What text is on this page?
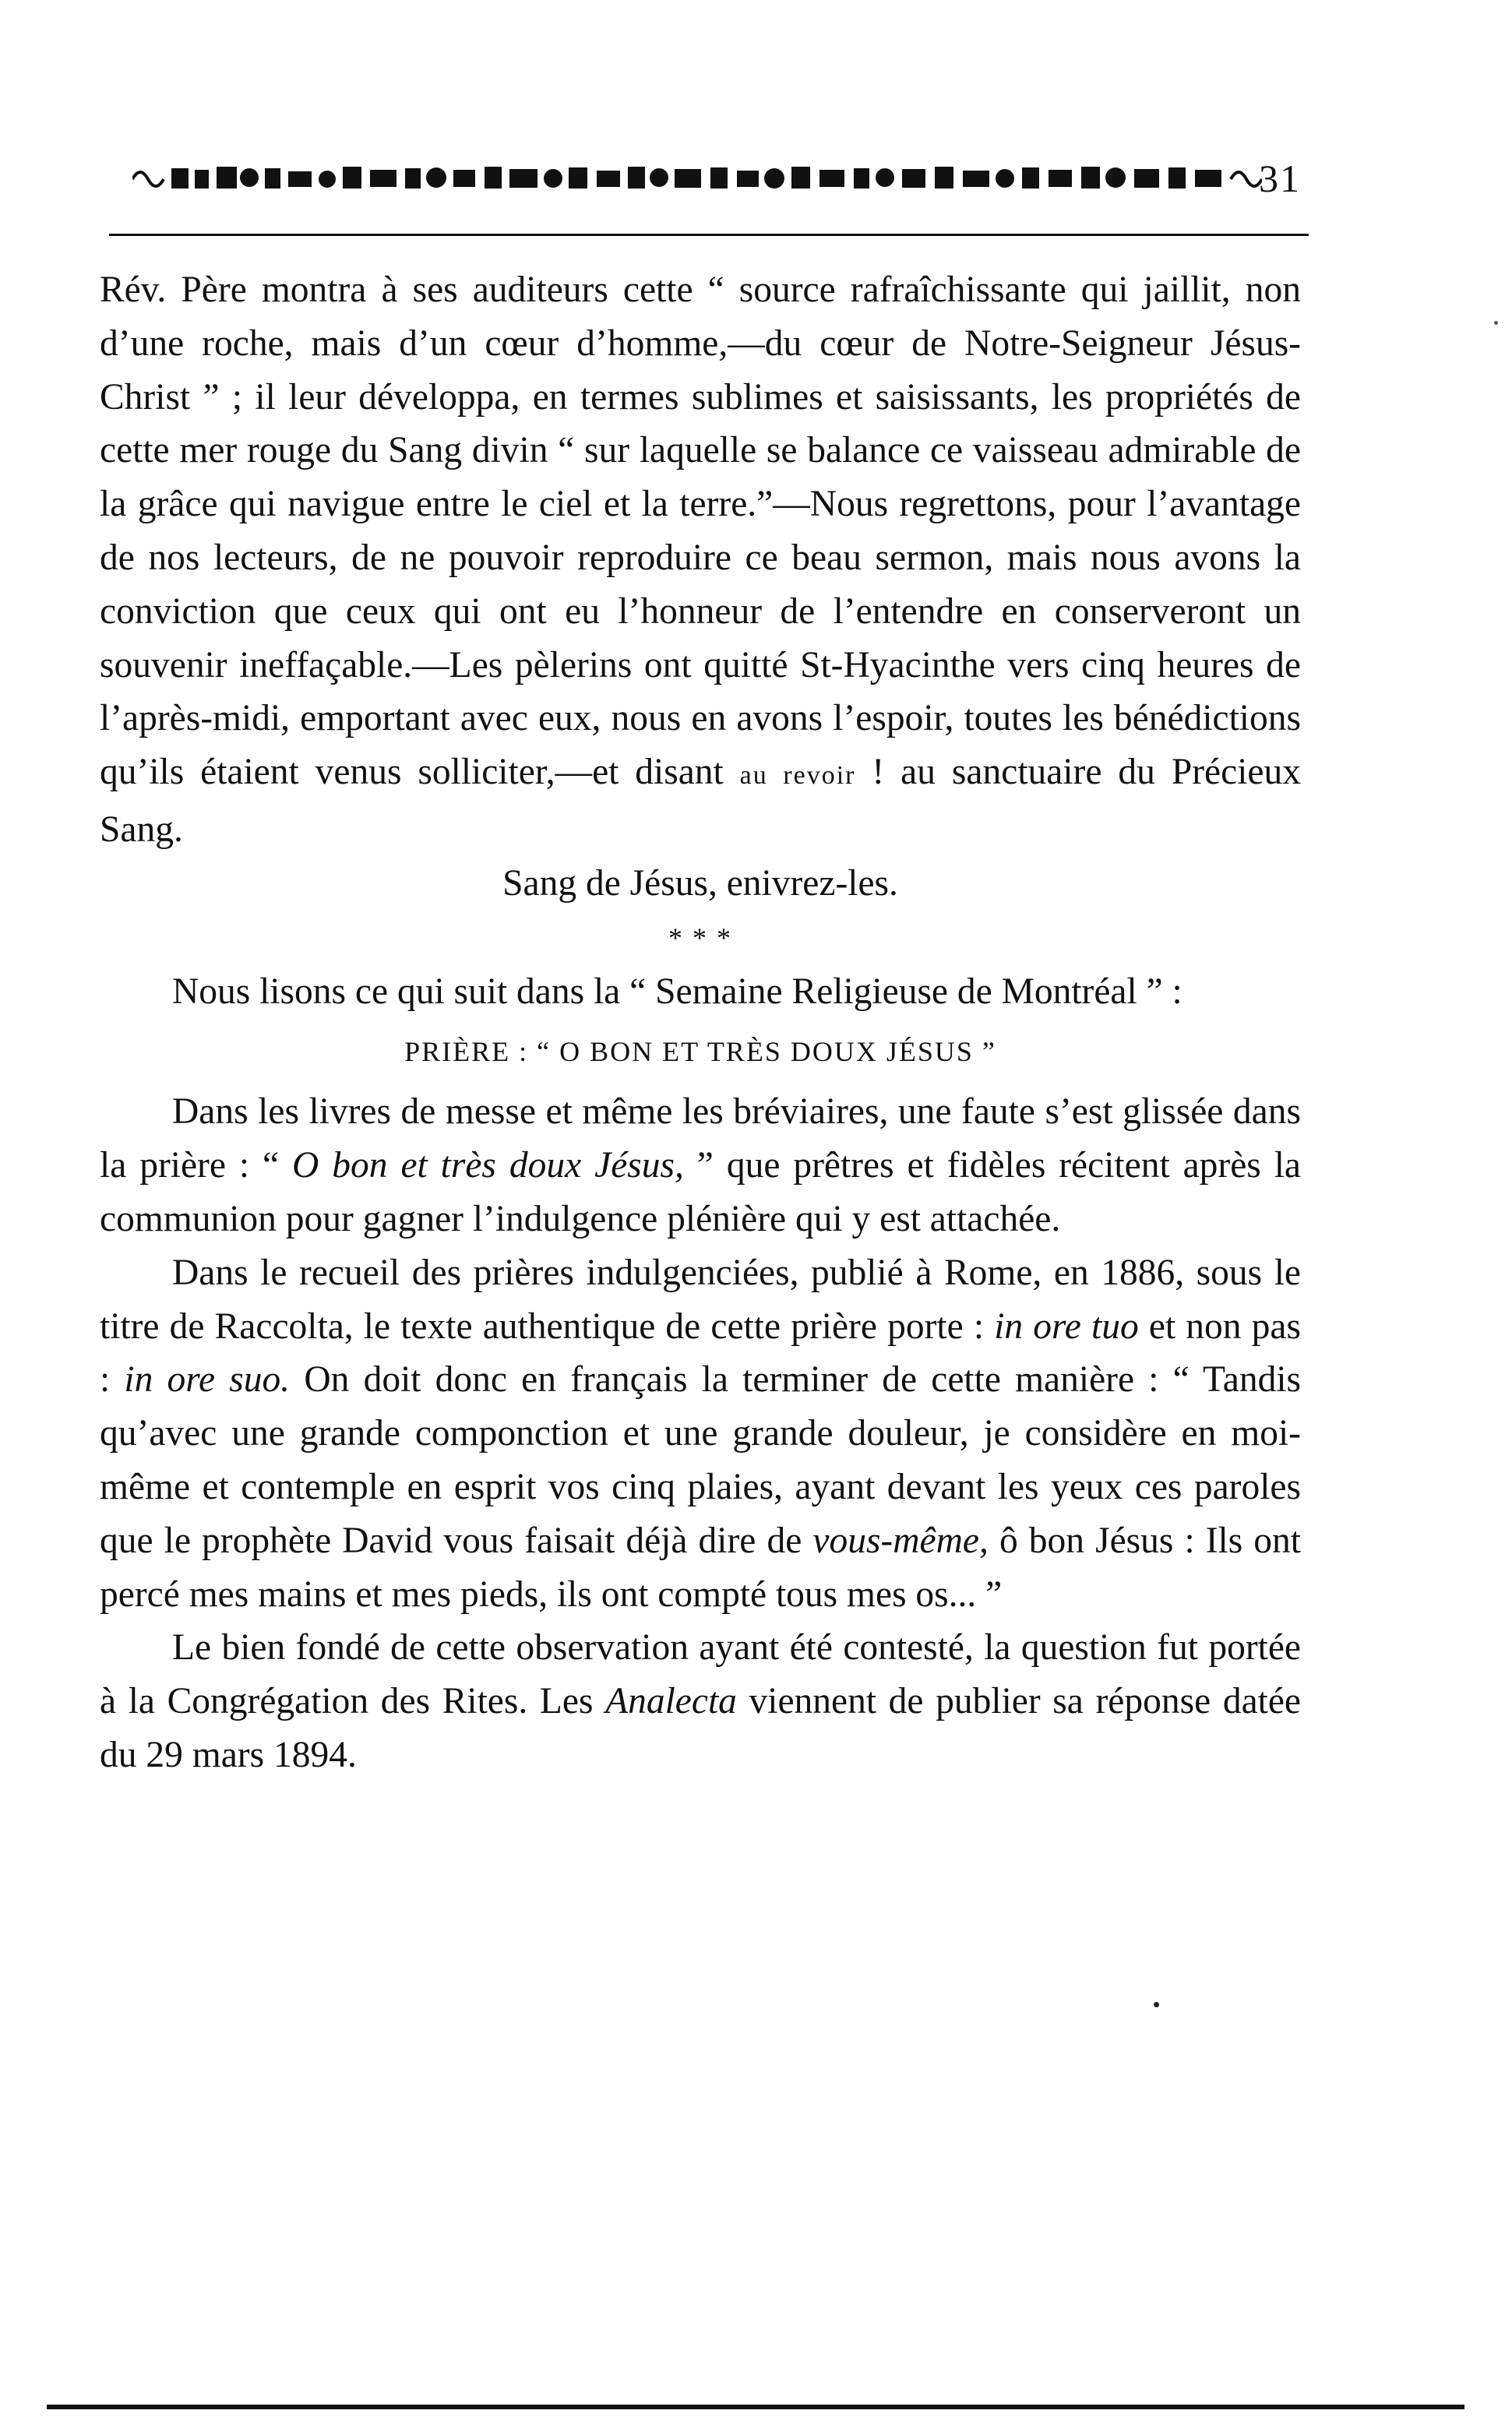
31

Rév. Père montra à ses auditeurs cette “ source rafraîchissante qui jaillit, non d’une roche, mais d’un cœur d’homme,—du cœur de Notre-Seigneur Jésus-Christ ” ; il leur développa, en termes sublimes et saisissants, les propriétés de cette mer rouge du Sang divin “ sur laquelle se balance ce vaisseau admirable de la grâce qui navigue entre le ciel et la terre.”—Nous regrettons, pour l’avantage de nos lecteurs, de ne pouvoir reproduire ce beau sermon, mais nous avons la conviction que ceux qui ont eu l’honneur de l’entendre en conserveront un souvenir ineffaçable.—Les pèlerins ont quitté St-Hyacinthe vers cinq heures de l’après-midi, emportant avec eux, nous en avons l’espoir, toutes les bénédictions qu’ils étaient venus solliciter,—et disant au revoir ! au sanctuaire du Précieux Sang.

Sang de Jésus, enivrez-les.

* * *

Nous lisons ce qui suit dans la “ Semaine Religieuse de Montréal ” :

PRIÈRE : “ O BON ET TRÈS DOUX JÉSUS ”

Dans les livres de messe et même les bréviaires, une faute s’est glissée dans la prière : “ O bon et très doux Jésus, ” que prêtres et fidèles récitent après la communion pour gagner l’indulgence plénière qui y est attachée.

Dans le recueil des prières indulgenciées, publié à Rome, en 1886, sous le titre de Raccolta, le texte authentique de cette prière porte : in ore tuo et non pas : in ore suo. On doit donc en français la terminer de cette manière : “ Tandis qu’avec une grande componction et une grande douleur, je considère en moi-même et contemple en esprit vos cinq plaies, ayant devant les yeux ces paroles que le prophète David vous faisait déjà dire de vous-même, ô bon Jésus : Ils ont percé mes mains et mes pieds, ils ont compté tous mes os... ”

Le bien fondé de cette observation ayant été contesté, la question fut portée à la Congrégation des Rites. Les Analecta viennent de publier sa réponse datée du 29 mars 1894.
